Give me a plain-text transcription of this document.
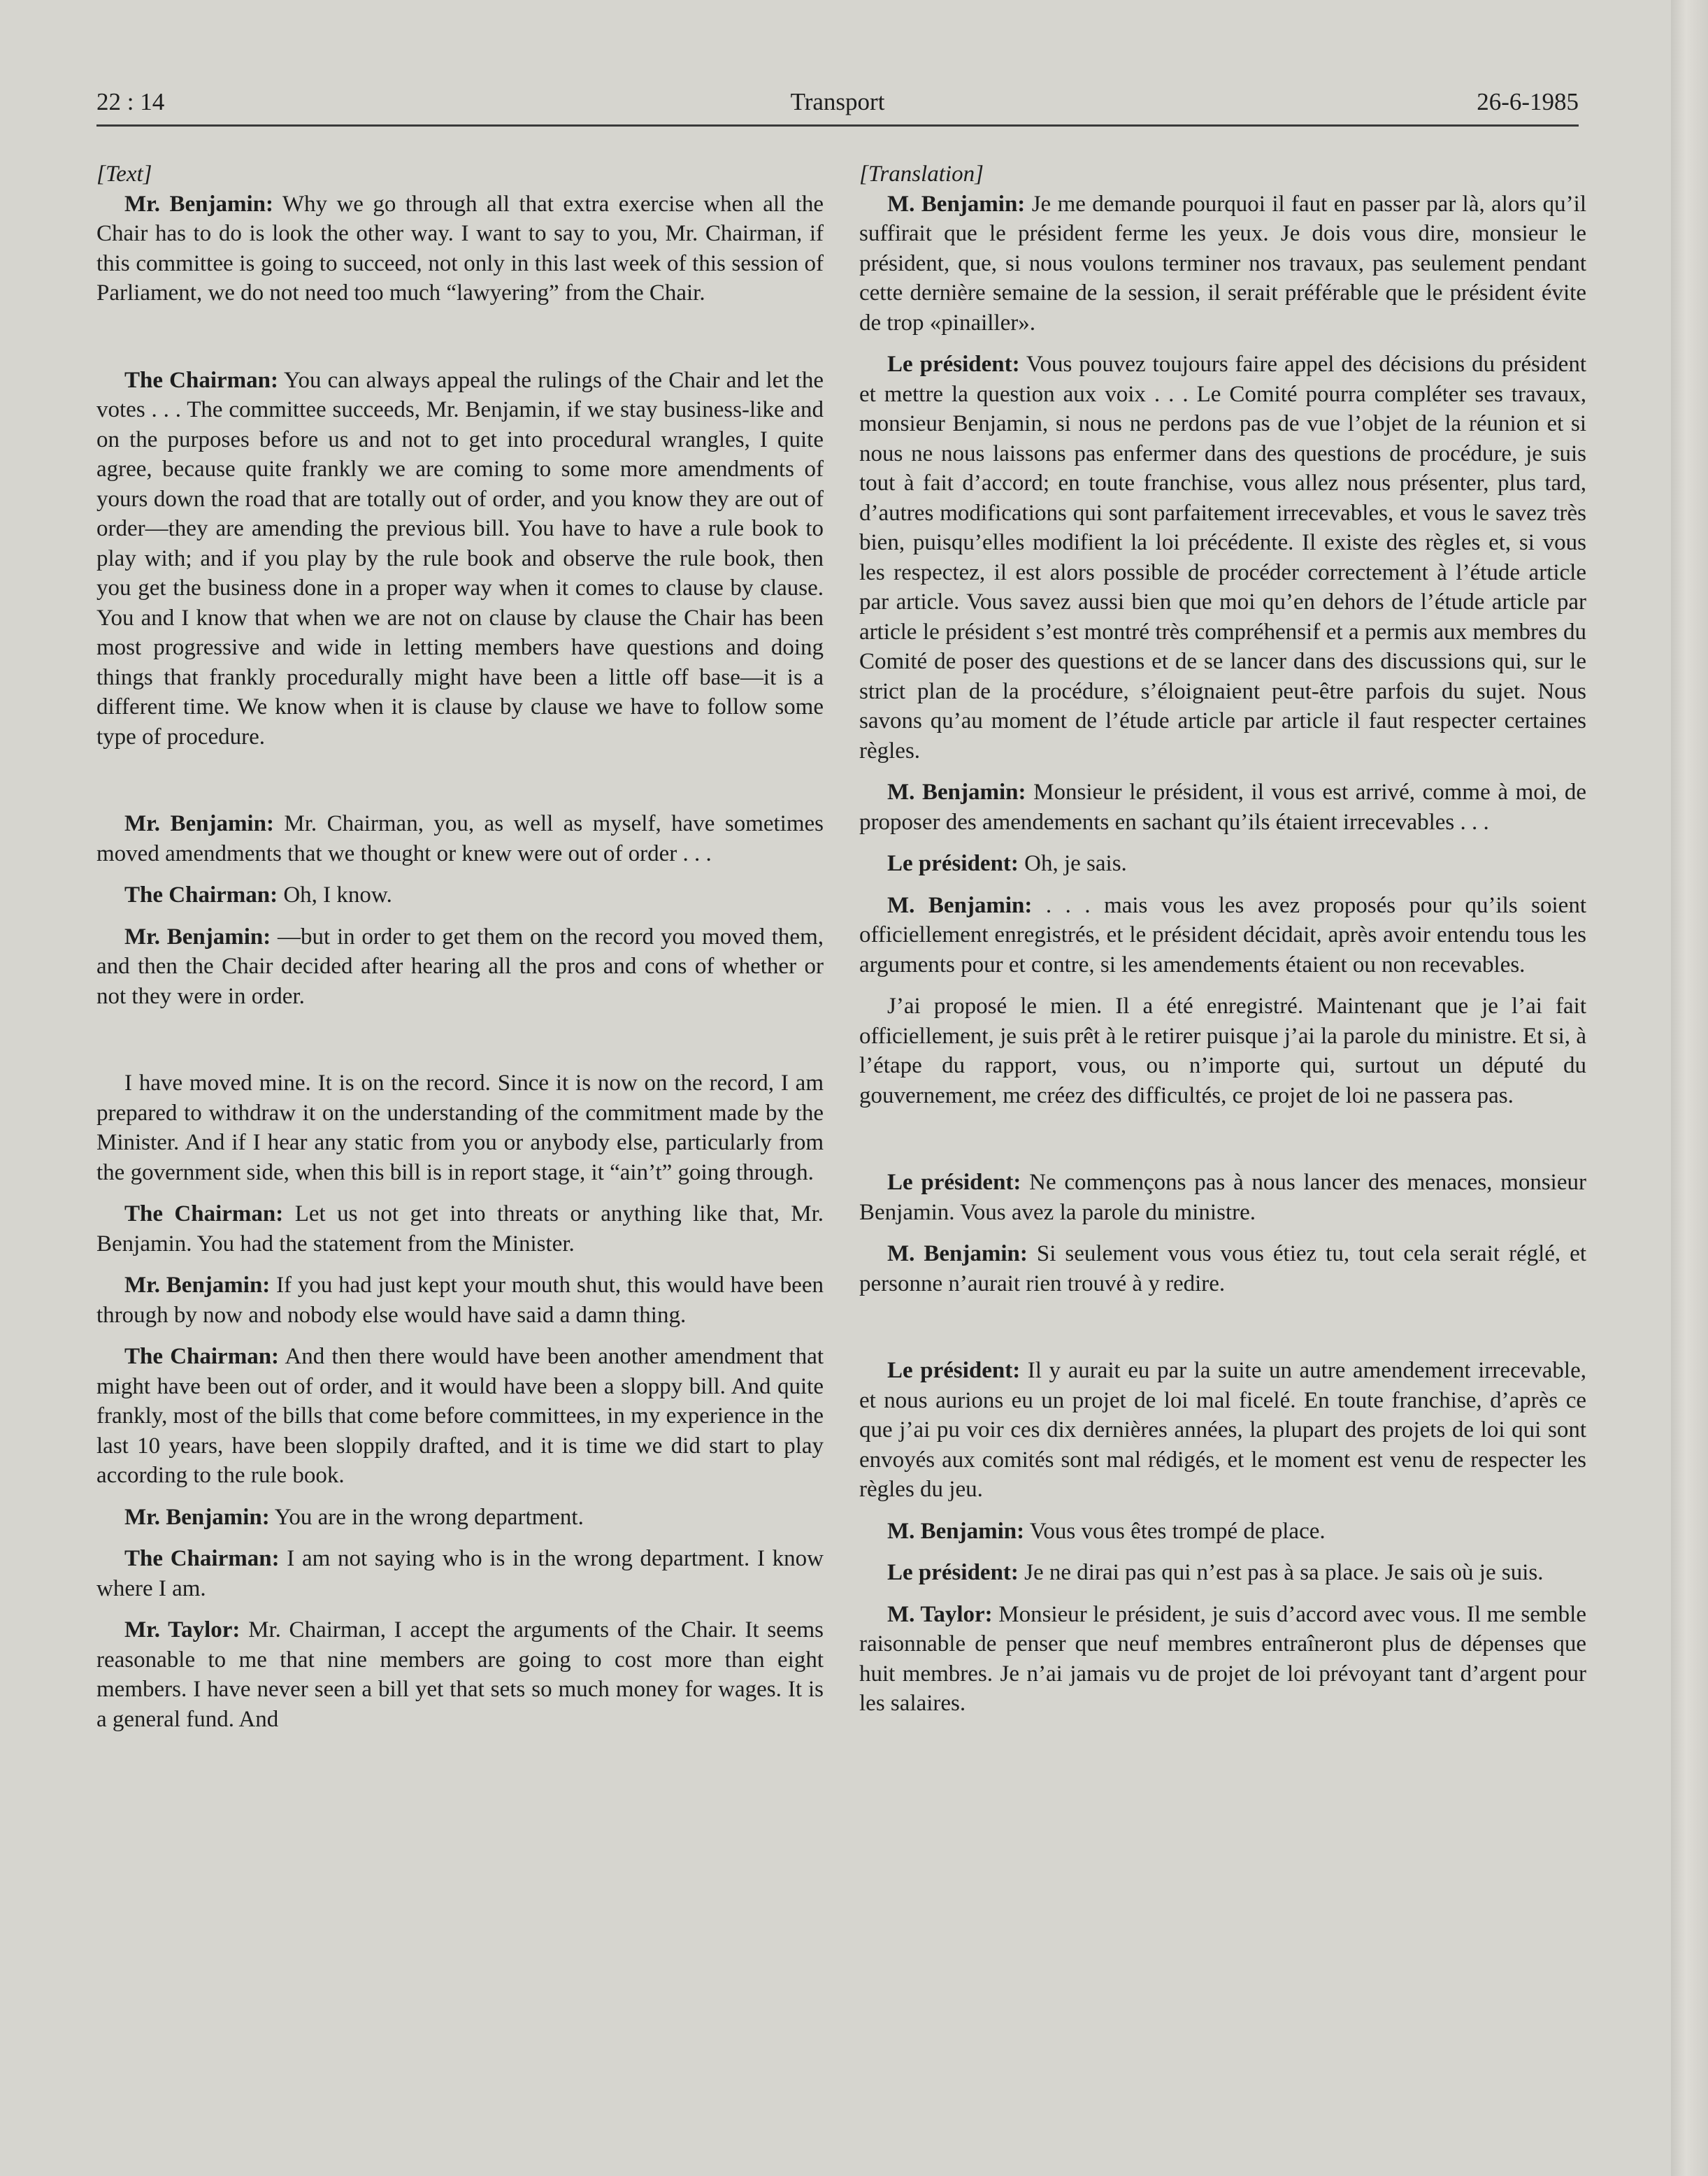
22 : 14	Transport	26-6-1985

[Text]

Mr. Benjamin: Why we go through all that extra exercise when all the Chair has to do is look the other way. I want to say to you, Mr. Chairman, if this committee is going to succeed, not only in this last week of this session of Parliament, we do not need too much “lawyering” from the Chair.

The Chairman: You can always appeal the rulings of the Chair and let the votes . . . The committee succeeds, Mr. Benjamin, if we stay business-like and on the purposes before us and not to get into procedural wrangles, I quite agree, because quite frankly we are coming to some more amendments of yours down the road that are totally out of order, and you know they are out of order—they are amending the previous bill. You have to have a rule book to play with; and if you play by the rule book and observe the rule book, then you get the business done in a proper way when it comes to clause by clause. You and I know that when we are not on clause by clause the Chair has been most progressive and wide in letting members have questions and doing things that frankly procedurally might have been a little off base—it is a different time. We know when it is clause by clause we have to follow some type of procedure.

Mr. Benjamin: Mr. Chairman, you, as well as myself, have sometimes moved amendments that we thought or knew were out of order . . .

The Chairman: Oh, I know.

Mr. Benjamin: —but in order to get them on the record you moved them, and then the Chair decided after hearing all the pros and cons of whether or not they were in order.

I have moved mine. It is on the record. Since it is now on the record, I am prepared to withdraw it on the understanding of the commitment made by the Minister. And if I hear any static from you or anybody else, particularly from the government side, when this bill is in report stage, it “ain’t” going through.

The Chairman: Let us not get into threats or anything like that, Mr. Benjamin. You had the statement from the Minister.

Mr. Benjamin: If you had just kept your mouth shut, this would have been through by now and nobody else would have said a damn thing.

The Chairman: And then there would have been another amendment that might have been out of order, and it would have been a sloppy bill. And quite frankly, most of the bills that come before committees, in my experience in the last 10 years, have been sloppily drafted, and it is time we did start to play according to the rule book.

Mr. Benjamin: You are in the wrong department.

The Chairman: I am not saying who is in the wrong department. I know where I am.

Mr. Taylor: Mr. Chairman, I accept the arguments of the Chair. It seems reasonable to me that nine members are going to cost more than eight members. I have never seen a bill yet that sets so much money for wages. It is a general fund. And

[Translation]

M. Benjamin: Je me demande pourquoi il faut en passer par là, alors qu’il suffirait que le président ferme les yeux. Je dois vous dire, monsieur le président, que, si nous voulons terminer nos travaux, pas seulement pendant cette dernière semaine de la session, il serait préférable que le président évite de trop «pinailler».

Le président: Vous pouvez toujours faire appel des décisions du président et mettre la question aux voix . . . Le Comité pourra compléter ses travaux, monsieur Benjamin, si nous ne perdons pas de vue l’objet de la réunion et si nous ne nous laissons pas enfermer dans des questions de procédure, je suis tout à fait d’accord; en toute franchise, vous allez nous présenter, plus tard, d’autres modifications qui sont parfaitement irrecevables, et vous le savez très bien, puisqu’elles modifient la loi précédente. Il existe des règles et, si vous les respectez, il est alors possible de procéder correctement à l’étude article par article. Vous savez aussi bien que moi qu’en dehors de l’étude article par article le président s’est montré très compréhensif et a permis aux membres du Comité de poser des questions et de se lancer dans des discussions qui, sur le strict plan de la procédure, s’éloignaient peut-être parfois du sujet. Nous savons qu’au moment de l’étude article par article il faut respecter certaines règles.

M. Benjamin: Monsieur le président, il vous est arrivé, comme à moi, de proposer des amendements en sachant qu’ils étaient irrecevables . . .

Le président: Oh, je sais.

M. Benjamin: . . . mais vous les avez proposés pour qu’ils soient officiellement enregistrés, et le président décidait, après avoir entendu tous les arguments pour et contre, si les amendements étaient ou non recevables.

J’ai proposé le mien. Il a été enregistré. Maintenant que je l’ai fait officiellement, je suis prêt à le retirer puisque j’ai la parole du ministre. Et si, à l’étape du rapport, vous, ou n’importe qui, surtout un député du gouvernement, me créez des difficultés, ce projet de loi ne passera pas.

Le président: Ne commençons pas à nous lancer des menaces, monsieur Benjamin. Vous avez la parole du ministre.

M. Benjamin: Si seulement vous vous étiez tu, tout cela serait réglé, et personne n’aurait rien trouvé à y redire.

Le président: Il y aurait eu par la suite un autre amendement irrecevable, et nous aurions eu un projet de loi mal ficelé. En toute franchise, d’après ce que j’ai pu voir ces dix dernières années, la plupart des projets de loi qui sont envoyés aux comités sont mal rédigés, et le moment est venu de respecter les règles du jeu.

M. Benjamin: Vous vous êtes trompé de place.

Le président: Je ne dirai pas qui n’est pas à sa place. Je sais où je suis.

M. Taylor: Monsieur le président, je suis d’accord avec vous. Il me semble raisonnable de penser que neuf membres entraîneront plus de dépenses que huit membres. Je n’ai jamais vu de projet de loi prévoyant tant d’argent pour les salaires.
